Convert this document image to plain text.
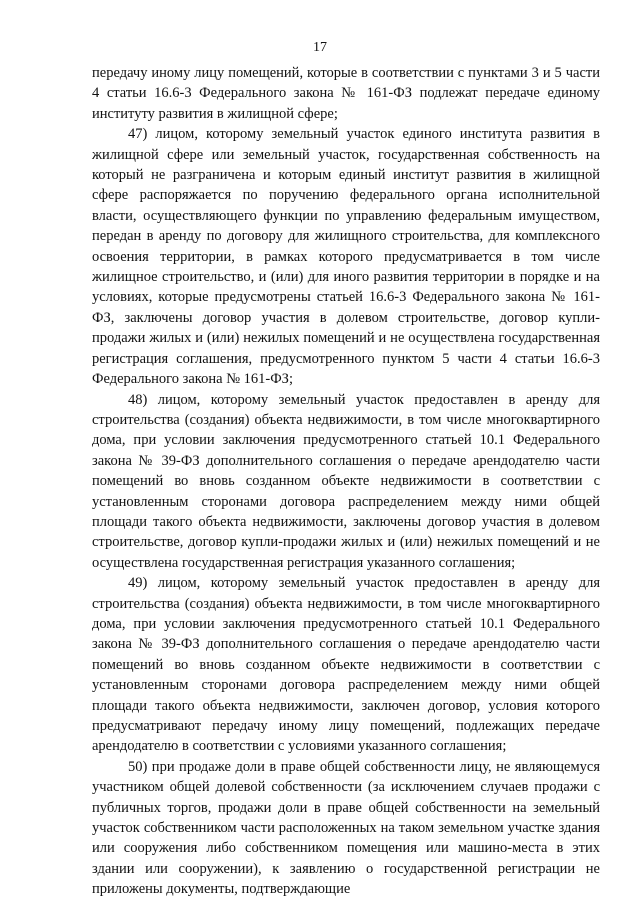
17

передачу иному лицу помещений, которые в соответствии с пунктами 3 и 5 части 4 статьи 16.6-3 Федерального закона № 161-ФЗ подлежат передаче единому институту развития в жилищной сфере;

47) лицом, которому земельный участок единого института развития в жилищной сфере или земельный участок, государственная собственность на который не разграничена и которым единый институт развития в жилищной сфере распоряжается по поручению федерального органа исполнительной власти, осуществляющего функции по управлению федеральным имуществом, передан в аренду по договору для жилищного строительства, для комплексного освоения территории, в рамках которого предусматривается в том числе жилищное строительство, и (или) для иного развития территории в порядке и на условиях, которые предусмотрены статьей 16.6-3 Федерального закона № 161-ФЗ, заключены договор участия в долевом строительстве, договор купли-продажи жилых и (или) нежилых помещений и не осуществлена государственная регистрация соглашения, предусмотренного пунктом 5 части 4 статьи 16.6-3 Федерального закона № 161-ФЗ;

48) лицом, которому земельный участок предоставлен в аренду для строительства (создания) объекта недвижимости, в том числе многоквартирного дома, при условии заключения предусмотренного статьей 10.1 Федерального закона № 39-ФЗ дополнительного соглашения о передаче арендодателю части помещений во вновь созданном объекте недвижимости в соответствии с установленным сторонами договора распределением между ними общей площади такого объекта недвижимости, заключены договор участия в долевом строительстве, договор купли-продажи жилых и (или) нежилых помещений и не осуществлена государственная регистрация указанного соглашения;

49) лицом, которому земельный участок предоставлен в аренду для строительства (создания) объекта недвижимости, в том числе многоквартирного дома, при условии заключения предусмотренного статьей 10.1 Федерального закона № 39-ФЗ дополнительного соглашения о передаче арендодателю части помещений во вновь созданном объекте недвижимости в соответствии с установленным сторонами договора распределением между ними общей площади такого объекта недвижимости, заключен договор, условия которого предусматривают передачу иному лицу помещений, подлежащих передаче арендодателю в соответствии с условиями указанного соглашения;

50) при продаже доли в праве общей собственности лицу, не являющемуся участником общей долевой собственности (за исключением случаев продажи с публичных торгов, продажи доли в праве общей собственности на земельный участок собственником части расположенных на таком земельном участке здания или сооружения либо собственником помещения или машино-места в этих здании или сооружении), к заявлению о государственной регистрации не приложены документы, подтверждающие
